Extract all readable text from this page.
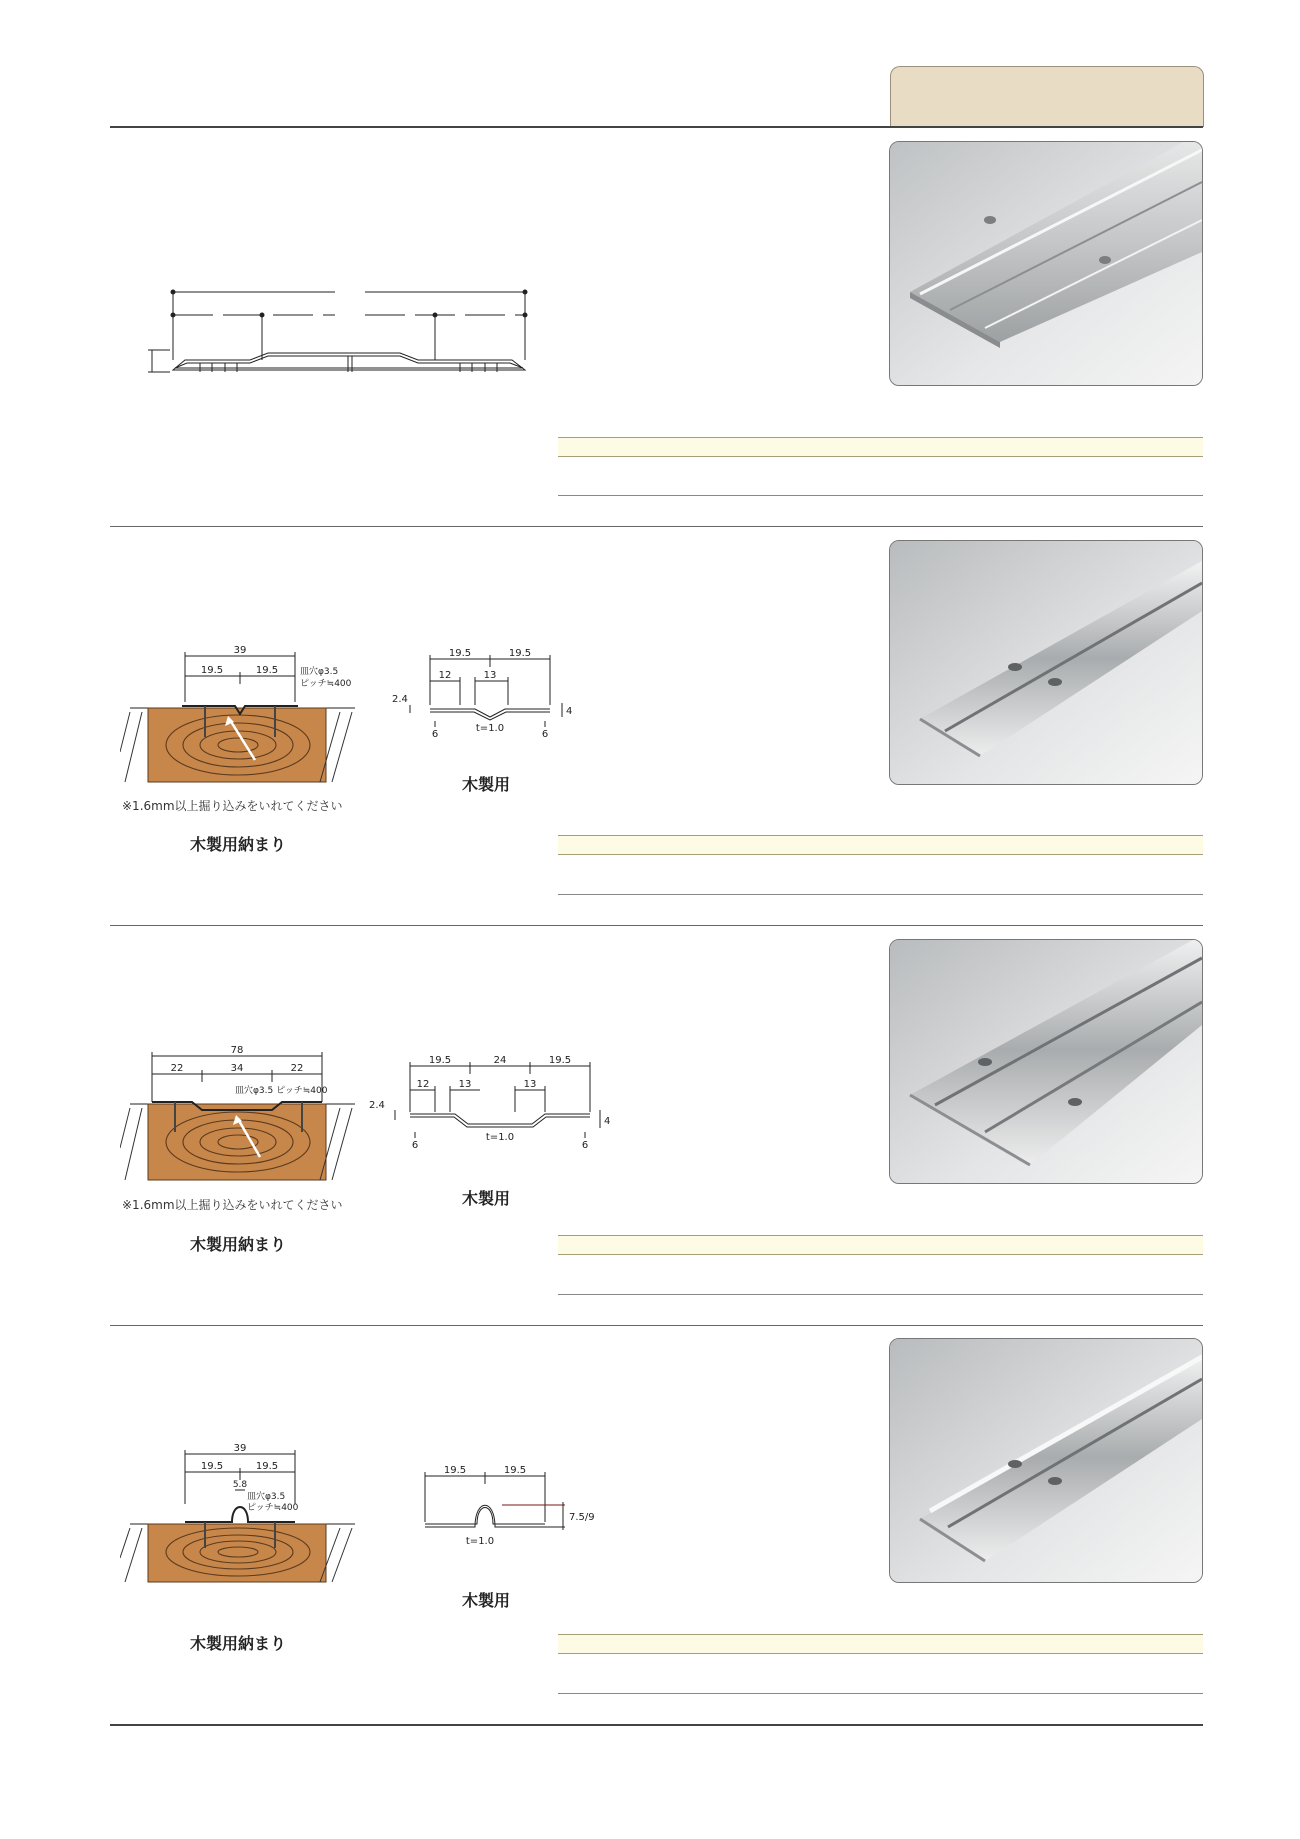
39
19.5	19.5 皿穴φ3.5
ピッチ≒400
※1.6mm以上掘り込みをいれてください
木製用納まり
19.5	19.5
12	13
2.4
4
6	6
t=1.0
木製用
78
22	34	22
皿穴φ3.5 ピッチ≒400
※1.6mm以上掘り込みをいれてください
木製用納まり
19.5	24	19.5
12	13	13
2.4
4
6	6
t=1.0
木製用
39
19.5	19.5
5.8
皿穴φ3.5
ピッチ≒400
木製用納まり
19.5	19.5
7.5/9
t=1.0
木製用
